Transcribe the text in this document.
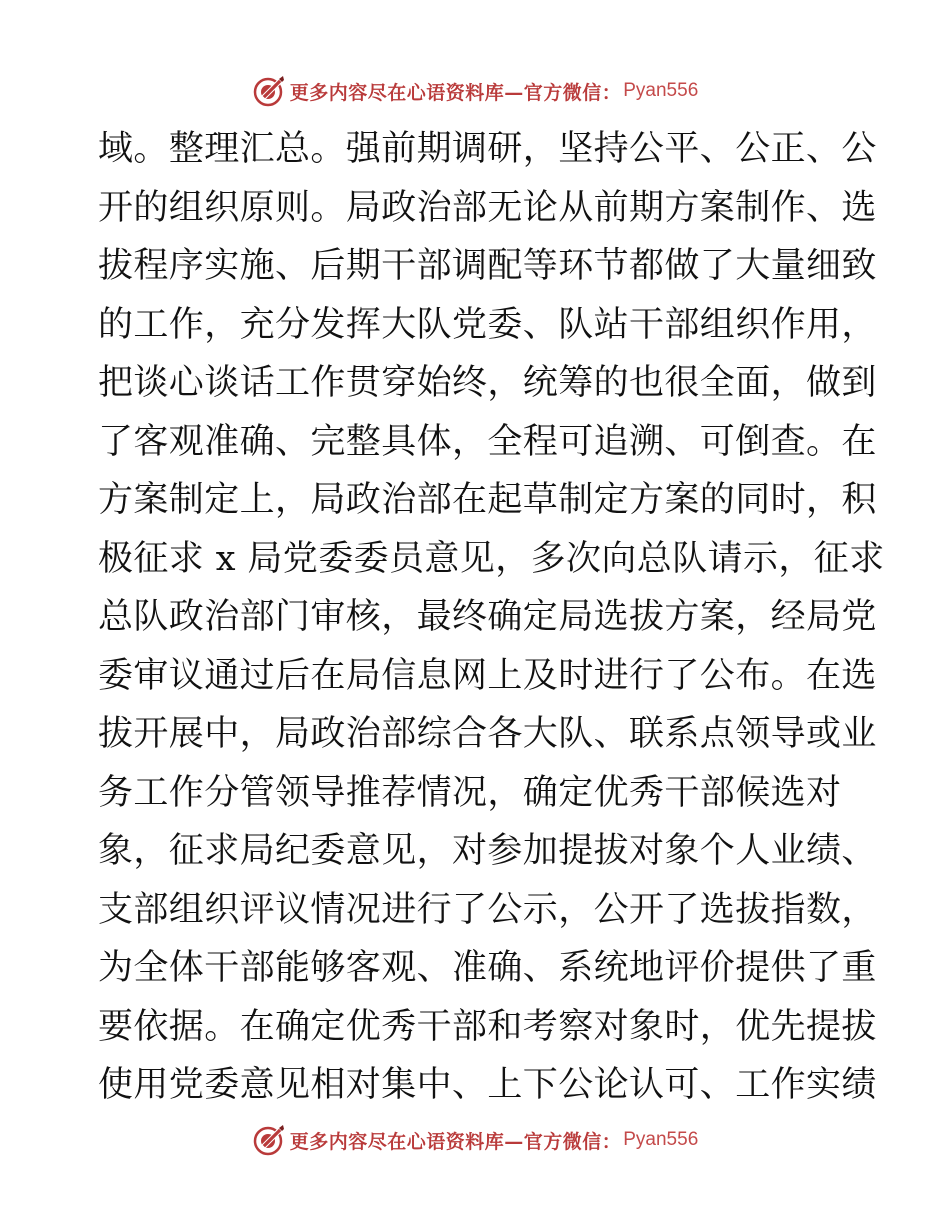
更多内容尽在心语资料库—官方微信： Pyan556
域。整理汇总。强前期调研，坚持公平、公正、公
开的组织原则。局政治部无论从前期方案制作、选
拔程序实施、后期干部调配等环节都做了大量细致
的工作，充分发挥大队党委、队站干部组织作用，
把谈心谈话工作贯穿始终，统筹的也很全面，做到
了客观准确、完整具体，全程可追溯、可倒查。在
方案制定上，局政治部在起草制定方案的同时，积
极征求 x 局党委委员意见，多次向总队请示，征求
总队政治部门审核，最终确定局选拔方案，经局党
委审议通过后在局信息网上及时进行了公布。在选
拔开展中，局政治部综合各大队、联系点领导或业
务工作分管领导推荐情况，确定优秀干部候选对
象，征求局纪委意见，对参加提拔对象个人业绩、
支部组织评议情况进行了公示，公开了选拔指数，
为全体干部能够客观、准确、系统地评价提供了重
要依据。在确定优秀干部和考察对象时，优先提拔
使用党委意见相对集中、上下公论认可、工作实绩
更多内容尽在心语资料库—官方微信： Pyan556
